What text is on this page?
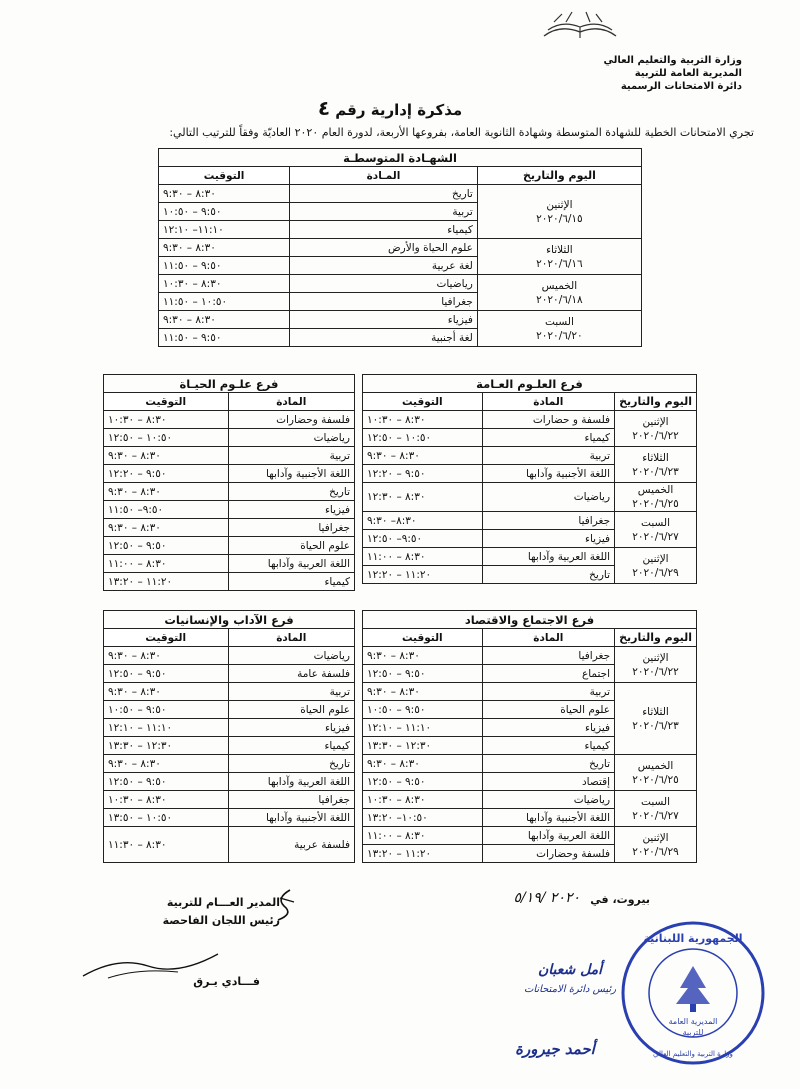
وزارة التربية والتعليم العالي
المديرية العامة للتربية
دائرة الامتحانات الرسمية
مذكرة إدارية رقم ٤
تجري الامتحانات الخطية للشهادة المتوسطة وشهادة الثانوية العامة، بفروعها الأربعة، لدورة العام ٢٠٢٠ العاديّة وفقاً للترتيب التالي:
الشهـادة المتوسطـة		
اليوم والتاريخ	المـادة	التوقيت

الإثنين
٢٠٢٠/٦/١٥	تاريخ	٨:٣٠ – ٩:٣٠
	تربية	٩:٥٠ – ١٠:٥٠
	كيمياء	١١:١٠– ١٢:١٠

الثلاثاء
٢٠٢٠/٦/١٦	علوم الحياة والأرض	٨:٣٠ – ٩:٣٠
	لغة عربية	٩:٥٠ – ١١:٥٠

الخميس
٢٠٢٠/٦/١٨	رياضيات	٨:٣٠ – ١٠:٣٠
	جغرافيا	١٠:٥٠ – ١١:٥٠

السبت
٢٠٢٠/٦/٢٠	فيزياء	٨:٣٠ – ٩:٣٠
	لغة أجنبية	٩:٥٠ – ١١:٥٠
فرع العلـوم العـامة		
اليوم والتاريخ	المادة	التوقيت

الإثنين
٢٠٢٠/٦/٢٢	فلسفة و حضارات	٨:٣٠ – ١٠:٣٠
	كيمياء	١٠:٥٠ – ١٢:٥٠

الثلاثاء
٢٠٢٠/٦/٢٣	تربية	٨:٣٠ – ٩:٣٠
	اللغة الأجنبية وآدابها	٩:٥٠ – ١٢:٢٠

الخميس
٢٠٢٠/٦/٢٥	رياضيات	٨:٣٠ – ١٢:٣٠

السبت
٢٠٢٠/٦/٢٧	جغرافيا	٨:٣٠– ٩:٣٠
	فيزياء	٩:٥٠– ١٢:٥٠

الإثنين
٢٠٢٠/٦/٢٩	اللغة العربية وآدابها	٨:٣٠ – ١١:٠٠
	تاريخ	١١:٢٠ – ١٢:٢٠
فرع علـوم الحيـاة	
المادة	التوقيت
فلسفة وحضارات	٨:٣٠ – ١٠:٣٠
رياضيات	١٠:٥٠ – ١٢:٥٠
تربية	٨:٣٠ – ٩:٣٠
اللغة الأجنبية وآدابها	٩:٥٠ – ١٢:٢٠
تاريخ	٨:٣٠ – ٩:٣٠
فيزياء	٩:٥٠– ١١:٥٠
جغرافيا	٨:٣٠ – ٩:٣٠
علوم الحياة	٩:٥٠ – ١٢:٥٠
اللغة العربية وآدابها	٨:٣٠ – ١١:٠٠
كيمياء	١١:٢٠ – ١٣:٢٠
فرع الاجتماع والاقتصاد		
اليوم والتاريخ	المادة	التوقيت

الإثنين
٢٠٢٠/٦/٢٢	جغرافيا	٨:٣٠ – ٩:٣٠
	اجتماع	٩:٥٠ – ١٢:٥٠

الثلاثاء
٢٠٢٠/٦/٢٣	تربية	٨:٣٠ – ٩:٣٠
	علوم الحياة	٩:٥٠ – ١٠:٥٠
	فيزياء	١١:١٠ – ١٢:١٠
	كيمياء	١٢:٣٠ – ١٣:٣٠

الخميس
٢٠٢٠/٦/٢٥	تاريخ	٨:٣٠ – ٩:٣٠
	إقتصاد	٩:٥٠ – ١٢:٥٠

السبت
٢٠٢٠/٦/٢٧	رياضيات	٨:٣٠ – ١٠:٣٠
	اللغة الأجنبية وآدابها	١٠:٥٠– ١٣:٢٠

الإثنين
٢٠٢٠/٦/٢٩	اللغة العربية وآدابها	٨:٣٠ – ١١:٠٠
	فلسفة وحضارات	١١:٢٠ – ١٣:٢٠
فرع الآداب والإنسانيات	
المادة	التوقيت
رياضيات	٨:٣٠ – ٩:٣٠
فلسفة عامة	٩:٥٠ – ١٢:٥٠
تربية	٨:٣٠ – ٩:٣٠
علوم الحياة	٩:٥٠ – ١٠:٥٠
فيزياء	١١:١٠ – ١٢:١٠
كيمياء	١٢:٣٠ – ١٣:٣٠
تاريخ	٨:٣٠ – ٩:٣٠
اللغة العربية وآدابها	٩:٥٠ – ١٢:٥٠
جغرافيا	٨:٣٠ – ١٠:٣٠
اللغة الأجنبية وآدابها	١٠:٥٠ – ١٣:٥٠
فلسفة عربية	٨:٣٠ – ١١:٣٠
بيروت، في
٢٠٢٠ /٥/١٩
المدير العـــام للتربية
رئيس اللجان الفاحصة
فـــادي يـرق
أمل شعبان
رئيس دائرة الامتحانات
أحمد جيرورة
الجمهورية اللبنانية
المديرية العامة
للتربية
وزارة التربية والتعليم العالي
